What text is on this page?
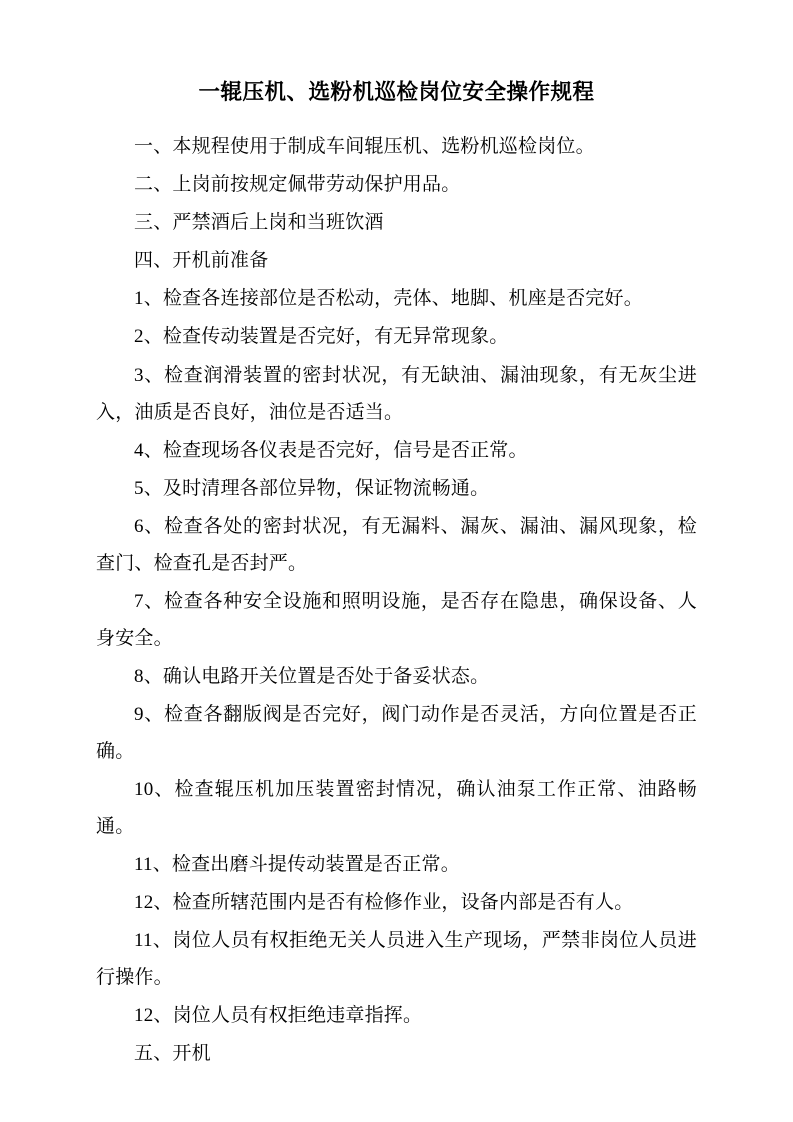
一辊压机、选粉机巡检岗位安全操作规程

一、本规程使用于制成车间辊压机、选粉机巡检岗位。

二、上岗前按规定佩带劳动保护用品。

三、严禁酒后上岗和当班饮酒

四、开机前准备

1、检查各连接部位是否松动，壳体、地脚、机座是否完好。

2、检查传动装置是否完好，有无异常现象。

3、检查润滑装置的密封状况，有无缺油、漏油现象，有无灰尘进入，油质是否良好，油位是否适当。

4、检查现场各仪表是否完好，信号是否正常。

5、及时清理各部位异物，保证物流畅通。

6、检查各处的密封状况，有无漏料、漏灰、漏油、漏风现象，检查门、检查孔是否封严。

7、检查各种安全设施和照明设施，是否存在隐患，确保设备、人身安全。

8、确认电路开关位置是否处于备妥状态。

9、检查各翻版阀是否完好，阀门动作是否灵活，方向位置是否正确。

10、检查辊压机加压装置密封情况，确认油泵工作正常、油路畅通。

11、检查出磨斗提传动装置是否正常。

12、检查所辖范围内是否有检修作业，设备内部是否有人。

11、岗位人员有权拒绝无关人员进入生产现场，严禁非岗位人员进行操作。

12、岗位人员有权拒绝违章指挥。

五、开机
